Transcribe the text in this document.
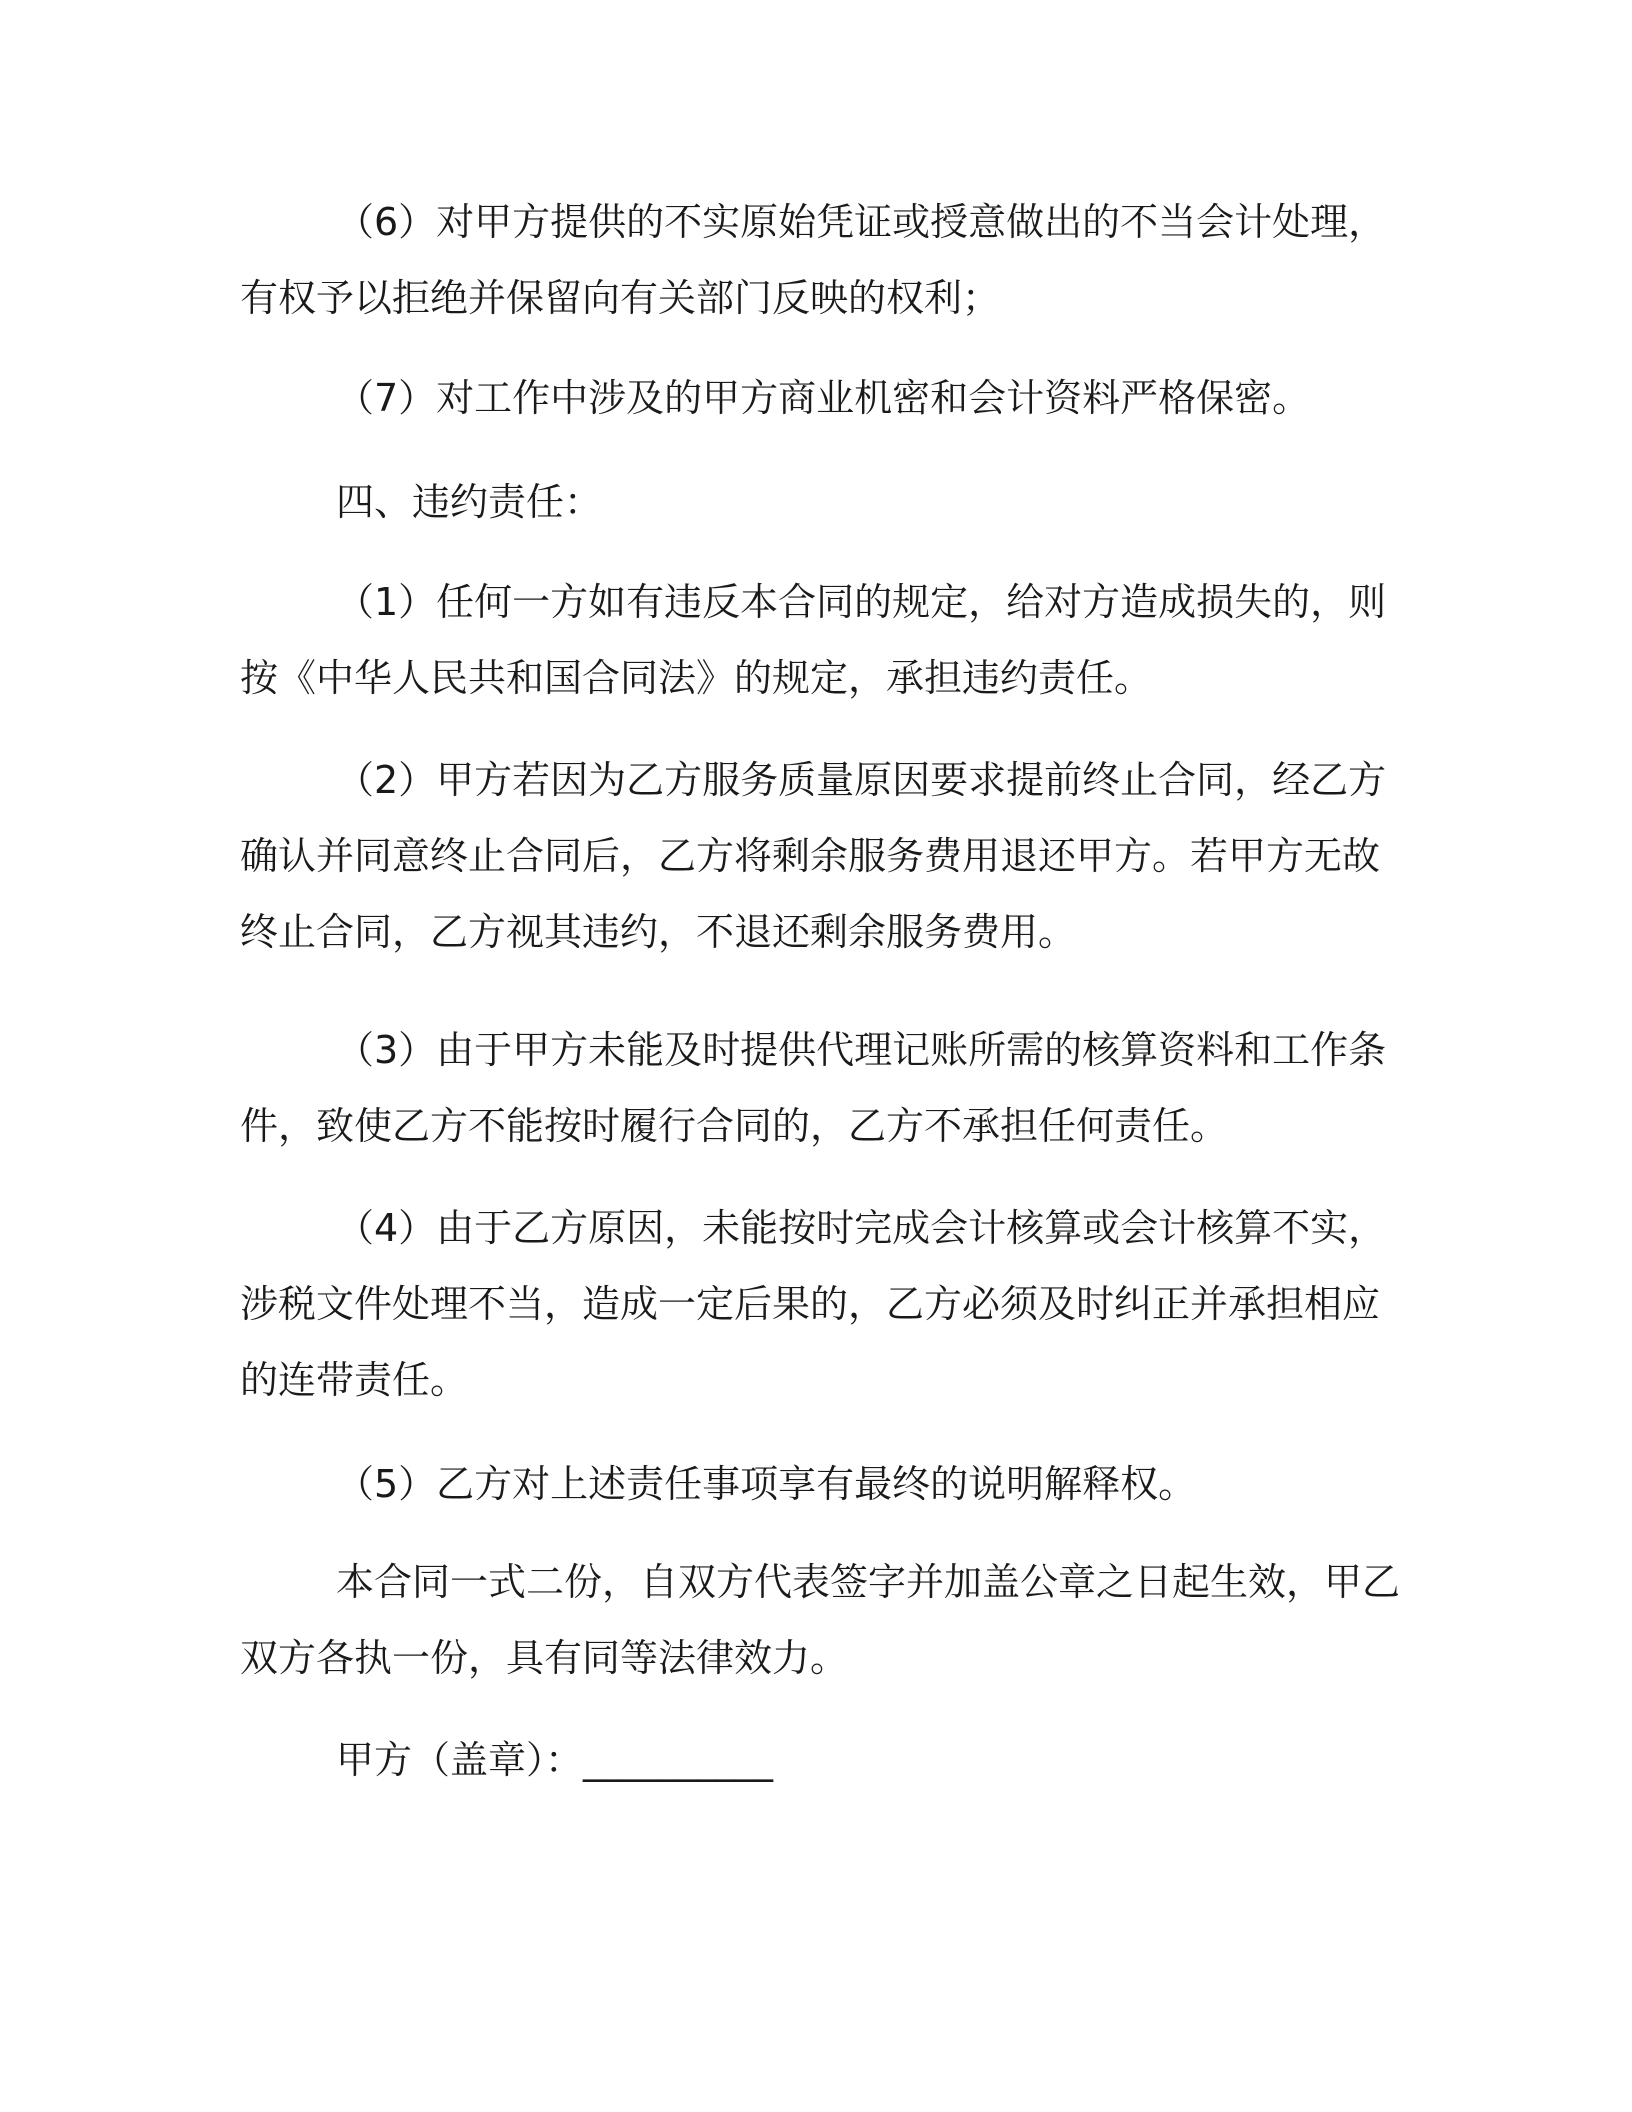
（6）对甲方提供的不实原始凭证或授意做出的不当会计处理，有权予以拒绝并保留向有关部门反映的权利；

（7）对工作中涉及的甲方商业机密和会计资料严格保密。

四、违约责任：

（1）任何一方如有违反本合同的规定，给对方造成损失的，则按《中华人民共和国合同法》的规定，承担违约责任。

（2）甲方若因为乙方服务质量原因要求提前终止合同，经乙方确认并同意终止合同后，乙方将剩余服务费用退还甲方。若甲方无故终止合同，乙方视其违约，不退还剩余服务费用。

（3）由于甲方未能及时提供代理记账所需的核算资料和工作条件，致使乙方不能按时履行合同的，乙方不承担任何责任。

（4）由于乙方原因，未能按时完成会计核算或会计核算不实，涉税文件处理不当，造成一定后果的，乙方必须及时纠正并承担相应的连带责任。

（5）乙方对上述责任事项享有最终的说明解释权。

本合同一式二份，自双方代表签字并加盖公章之日起生效，甲乙双方各执一份，具有同等法律效力。

甲方（盖章）：__________
